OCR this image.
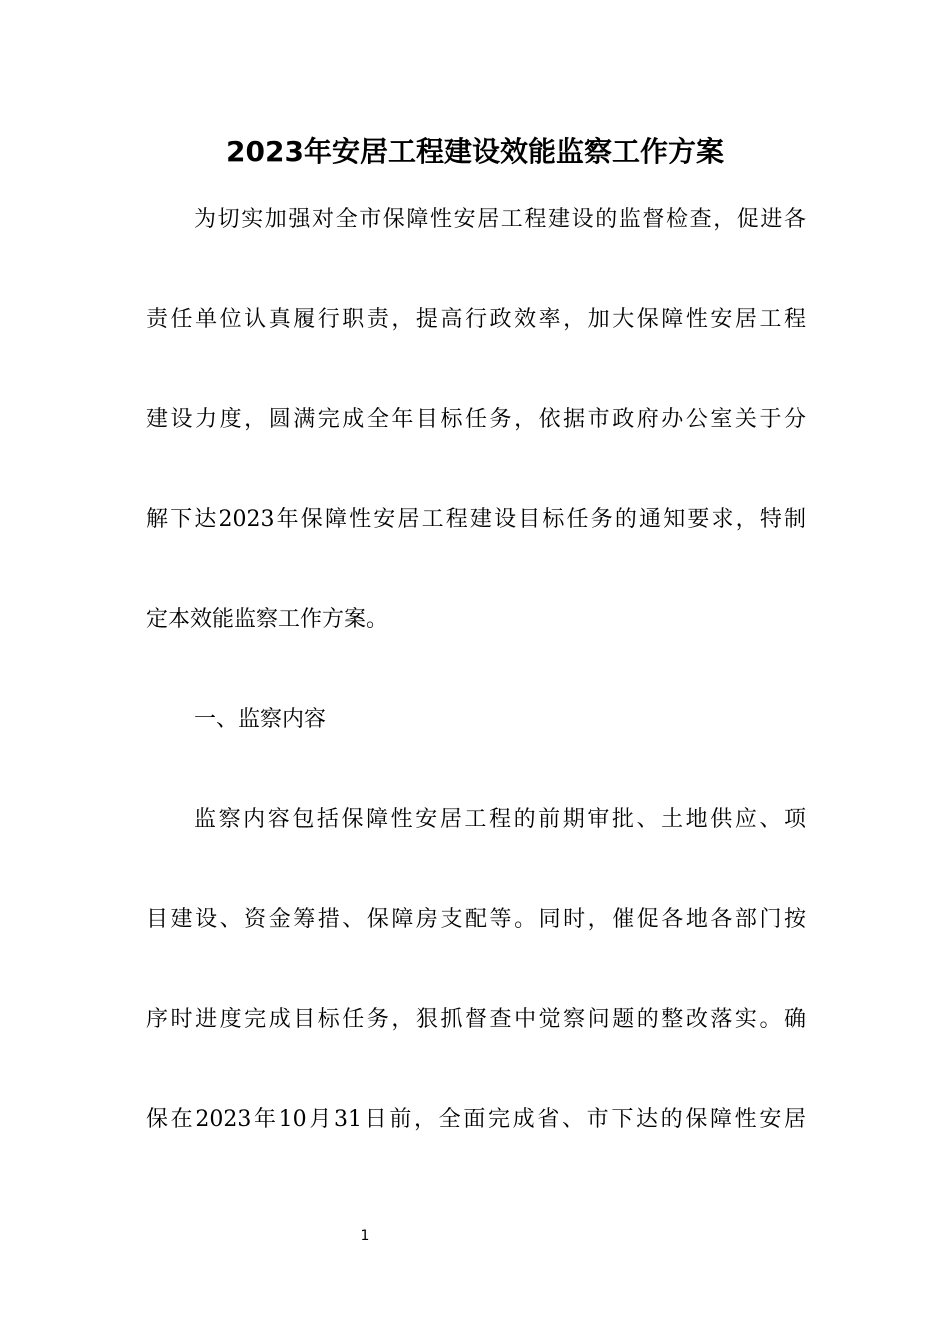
2023年安居工程建设效能监察工作方案
为切实加强对全市保障性安居工程建设的监督检查，促进各
责任单位认真履行职责，提高行政效率，加大保障性安居工程
建设力度，圆满完成全年目标任务，依据市政府办公室关于分
解下达2023年保障性安居工程建设目标任务的通知要求，特制
定本效能监察工作方案。
一、监察内容
监察内容包括保障性安居工程的前期审批、土地供应、项
目建设、资金筹措、保障房支配等。同时，催促各地各部门按
序时进度完成目标任务，狠抓督查中觉察问题的整改落实。确
保在2023年10月31日前，全面完成省、市下达的保障性安居
1
